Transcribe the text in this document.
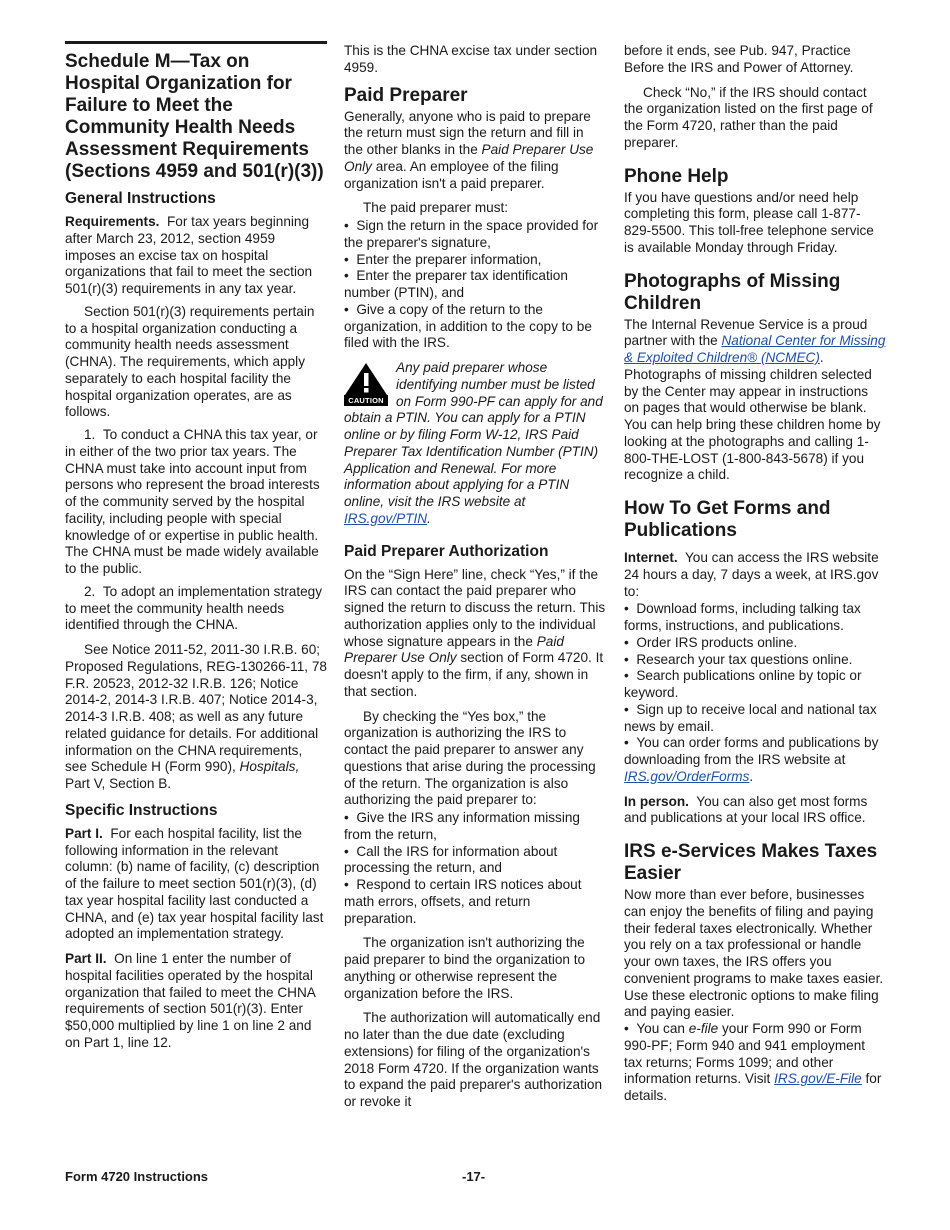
Schedule M—Tax on Hospital Organization for Failure to Meet the Community Health Needs Assessment Requirements (Sections 4959 and 501(r)(3))
General Instructions

Requirements. For tax years beginning after March 23, 2012, section 4959 imposes an excise tax on hospital organizations that fail to meet the section 501(r)(3) requirements in any tax year.

Section 501(r)(3) requirements pertain to a hospital organization conducting a community health needs assessment (CHNA). The requirements, which apply separately to each hospital facility the hospital organization operates, are as follows.

1.  To conduct a CHNA this tax year, or in either of the two prior tax years. The CHNA must take into account input from persons who represent the broad interests of the community served by the hospital facility, including people with special knowledge of or expertise in public health. The CHNA must be made widely available to the public.

2.  To adopt an implementation strategy to meet the community health needs identified through the CHNA.

See Notice 2011-52, 2011-30 I.R.B. 60; Proposed Regulations, REG-130266-11, 78 F.R. 20523, 2012-32 I.R.B. 126; Notice 2014-2, 2014-3 I.R.B. 407; Notice 2014-3, 2014-3 I.R.B. 408; as well as any future related guidance for details. For additional information on the CHNA requirements, see Schedule H (Form 990), Hospitals, Part V, Section B.

Specific Instructions

Part I. For each hospital facility, list the following information in the relevant column: (b) name of facility, (c) description of the failure to meet section 501(r)(3), (d) tax year hospital facility last conducted a CHNA, and (e) tax year hospital facility last adopted an implementation strategy.

Part II. On line 1 enter the number of hospital facilities operated by the hospital organization that failed to meet the CHNA requirements of section 501(r)(3). Enter $50,000 multiplied by line 1 on line 2 and on Part 1, line 12.

This is the CHNA excise tax under section 4959.

Paid Preparer

Generally, anyone who is paid to prepare the return must sign the return and fill in the other blanks in the Paid Preparer Use Only area. An employee of the filing organization isn't a paid preparer.

The paid preparer must:

•  Sign the return in the space provided for the preparer's signature,
•  Enter the preparer information,
•  Enter the preparer tax identification number (PTIN), and
•  Give a copy of the return to the organization, in addition to the copy to be filed with the IRS.
CAUTION
Any paid preparer whose identifying number must be listed on Form 990-PF can apply for and obtain a PTIN. You can apply for a PTIN online or by filing Form W-12, IRS Paid Preparer Tax Identification Number (PTIN) Application and Renewal. For more information about applying for a PTIN online, visit the IRS website at IRS.gov/PTIN.
Paid Preparer Authorization

On the “Sign Here” line, check “Yes,” if the IRS can contact the paid preparer who signed the return to discuss the return. This authorization applies only to the individual whose signature appears in the Paid Preparer Use Only section of Form 4720. It doesn't apply to the firm, if any, shown in that section.

By checking the “Yes box,” the organization is authorizing the IRS to contact the paid preparer to answer any questions that arise during the processing of the return. The organization is also authorizing the paid preparer to:

•  Give the IRS any information missing from the return,
•  Call the IRS for information about processing the return, and
•  Respond to certain IRS notices about math errors, offsets, and return preparation.

The organization isn't authorizing the paid preparer to bind the organization to anything or otherwise represent the organization before the IRS.

The authorization will automatically end no later than the due date (excluding extensions) for filing of the organization's 2018 Form 4720. If the organization wants to expand the paid preparer's authorization or revoke it

before it ends, see Pub. 947, Practice Before the IRS and Power of Attorney.

Check “No,” if the IRS should contact the organization listed on the first page of the Form 4720, rather than the paid preparer.

Phone Help

If you have questions and/or need help completing this form, please call 1-877-829-5500. This toll-free telephone service is available Monday through Friday.

Photographs of Missing Children

The Internal Revenue Service is a proud partner with the National Center for Missing & Exploited Children® (NCMEC). Photographs of missing children selected by the Center may appear in instructions on pages that would otherwise be blank. You can help bring these children home by looking at the photographs and calling 1-800-THE-LOST (1-800-843-5678) if you recognize a child.

How To Get Forms and Publications

Internet. You can access the IRS website 24 hours a day, 7 days a week, at IRS.gov to:

•  Download forms, including talking tax forms, instructions, and publications.
•  Order IRS products online.
•  Research your tax questions online.
•  Search publications online by topic or keyword.
•  Sign up to receive local and national tax news by email.
•  You can order forms and publications by downloading from the IRS website at IRS.gov/OrderForms.

In person. You can also get most forms and publications at your local IRS office.

IRS e-Services Makes Taxes Easier

Now more than ever before, businesses can enjoy the benefits of filing and paying their federal taxes electronically. Whether you rely on a tax professional or handle your own taxes, the IRS offers you convenient programs to make taxes easier. Use these electronic options to make filing and paying easier.

•  You can e-file your Form 990 or Form 990-PF; Form 940 and 941 employment tax returns; Forms 1099; and other information returns. Visit IRS.gov/E-File for details.
Form 4720 Instructions	-17-
